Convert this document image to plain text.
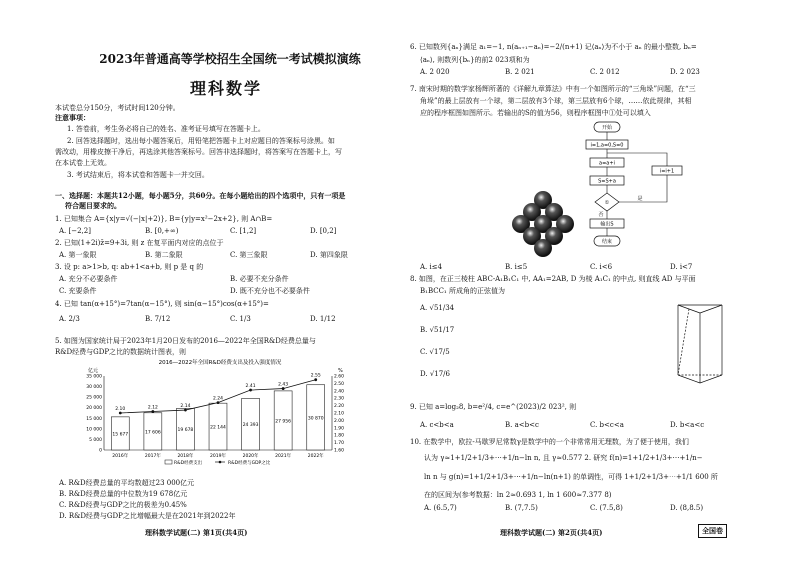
2023年普通高等学校招生全国统一考试模拟演练
理科数学
本试卷总分150分，考试时间120分钟。
注意事项：
1. 答卷前，考生务必将自己的姓名、准考证号填写在答题卡上。
2. 回答选择题时，选出每小题答案后，用铅笔把答题卡上对应题目的答案标号涂黑。如
需改动，用橡皮擦干净后，再选涂其他答案标号。回答非选择题时，将答案写在答题卡上，写
在本试卷上无效。
3. 考试结束后，将本试卷和答题卡一并交回。
一、选择题：本题共12小题，每小题5分，共60分。在每小题给出的四个选项中，只有一项是
符合题目要求的。
1. 已知集合 A={x|y=√(−|x|+2)}, B={y|y=x²−2x+2}, 则 A∩B=
A. [−2,2]	B. [0,+∞)	C. [1,2]	D. [0,2]
2. 已知(1+2i)z̄=9+3i, 则 z 在复平面内对应的点位于
A. 第一象限	B. 第二象限	C. 第三象限	D. 第四象限
3. 设 p: a>1>b, q: ab+1<a+b, 则 p 是 q 的
A. 充分不必要条件	B. 必要不充分条件
C. 充要条件	D. 既不充分也不必要条件
4. 已知 tan(α+15°)=7tan(α−15°), 则 sin(α−15°)cos(α+15°)=
A. 2/3	B. 7/12	C. 1/3	D. 1/12
5. 如图为国家统计局于2023年1月20日发布的2016—2022年全国R&D经费总量与
R&D经费与GDP之比的数据统计图表，则
2016—2022年全国R&D经费支出及投入强度情况
亿元	%
35 000
30 000
25 000
20 000
15 000
10 000
5 000
0
2.60
2.50
2.40
2.30
2.20
2.10
2.00
1.90
1.80
1.70
1.60
15 677
2016年
17 606
2017年
19 678
2018年
22 144
2019年
24 393
2020年
27 956
2021年
30 870
2022年
2.10	2.12	2.14
2.24
2.41	2.43
2.55
R&D经费支出	R&D经费与GDP之比
A. R&D经费总量的平均数超过23 000亿元
B. R&D经费总量的中位数为19 678亿元
C. R&D经费与GDP之比的极差为0.45%
D. R&D经费与GDP之比增幅最大是在2021年到2022年
理科数学试题(二) 第1页(共4页)
6. 已知数列{aₙ}满足 a₁=−1, n(aₙ₊₁−aₙ)=−2/(n+1) 记⟨aₙ⟩为不小于 aₙ 的最小整数, bₙ=
⟨aₙ⟩, 则数列{bₙ}的前2 023项和为
A. 2 020	B. 2 021	C. 2 012	D. 2 023
7. 南宋时期的数学家杨辉所著的《详解九章算法》中有一个如图所示的“三角垛”问题，在“三
角垛”的最上层放有一个球，第二层放有3个球，第三层放有6个球，……依此规律，其相
应的程序框图如图所示。若输出的S的值为56，则程序框图中①处可以填入
开始
i=1,a=0,S=0
a=a+i
S=S+a
①
是
否
i=i+1
输出S
结束
A. i≤4	B. i≤5	C. i<6	D. i<7
8. 如图，在正三棱柱 ABC-A₁B₁C₁ 中, AA₁=2AB, D 为棱 A₁C₁ 的中点, 则直线 AD 与平面
B₁BCC₁ 所成角的正弦值为
A. √51/34
B. √51/17
C. √17/5
D. √17/6
9. 已知 a=log₂8, b=e²/4, c=e^(2023)/2 023², 则
A. c<b<a	B. a<b<c	C. b<c<a	D. b<a<c
10. 在数学中，欧拉-马歇罗尼常数γ是数学中的一个非常常用无理数，为了便于使用，我们
认为 γ≈1+1/2+1/3+⋯+1/n−ln n, 且 γ≈0.577 2. 研究 f(n)=1+1/2+1/3+⋯+1/n−
ln n 与 g(n)=1+1/2+1/3+⋯+1/n−ln(n+1) 的单调性，可得 1+1/2+1/3+⋯+1/1 600 所
在的区间为(参考数据：ln 2≈0.693 1, ln 1 600≈7.377 8)
A. (6.5,7)	B. (7,7.5)	C. (7.5,8)	D. (8,8.5)
理科数学试题(二) 第2页(共4页)	全国卷
